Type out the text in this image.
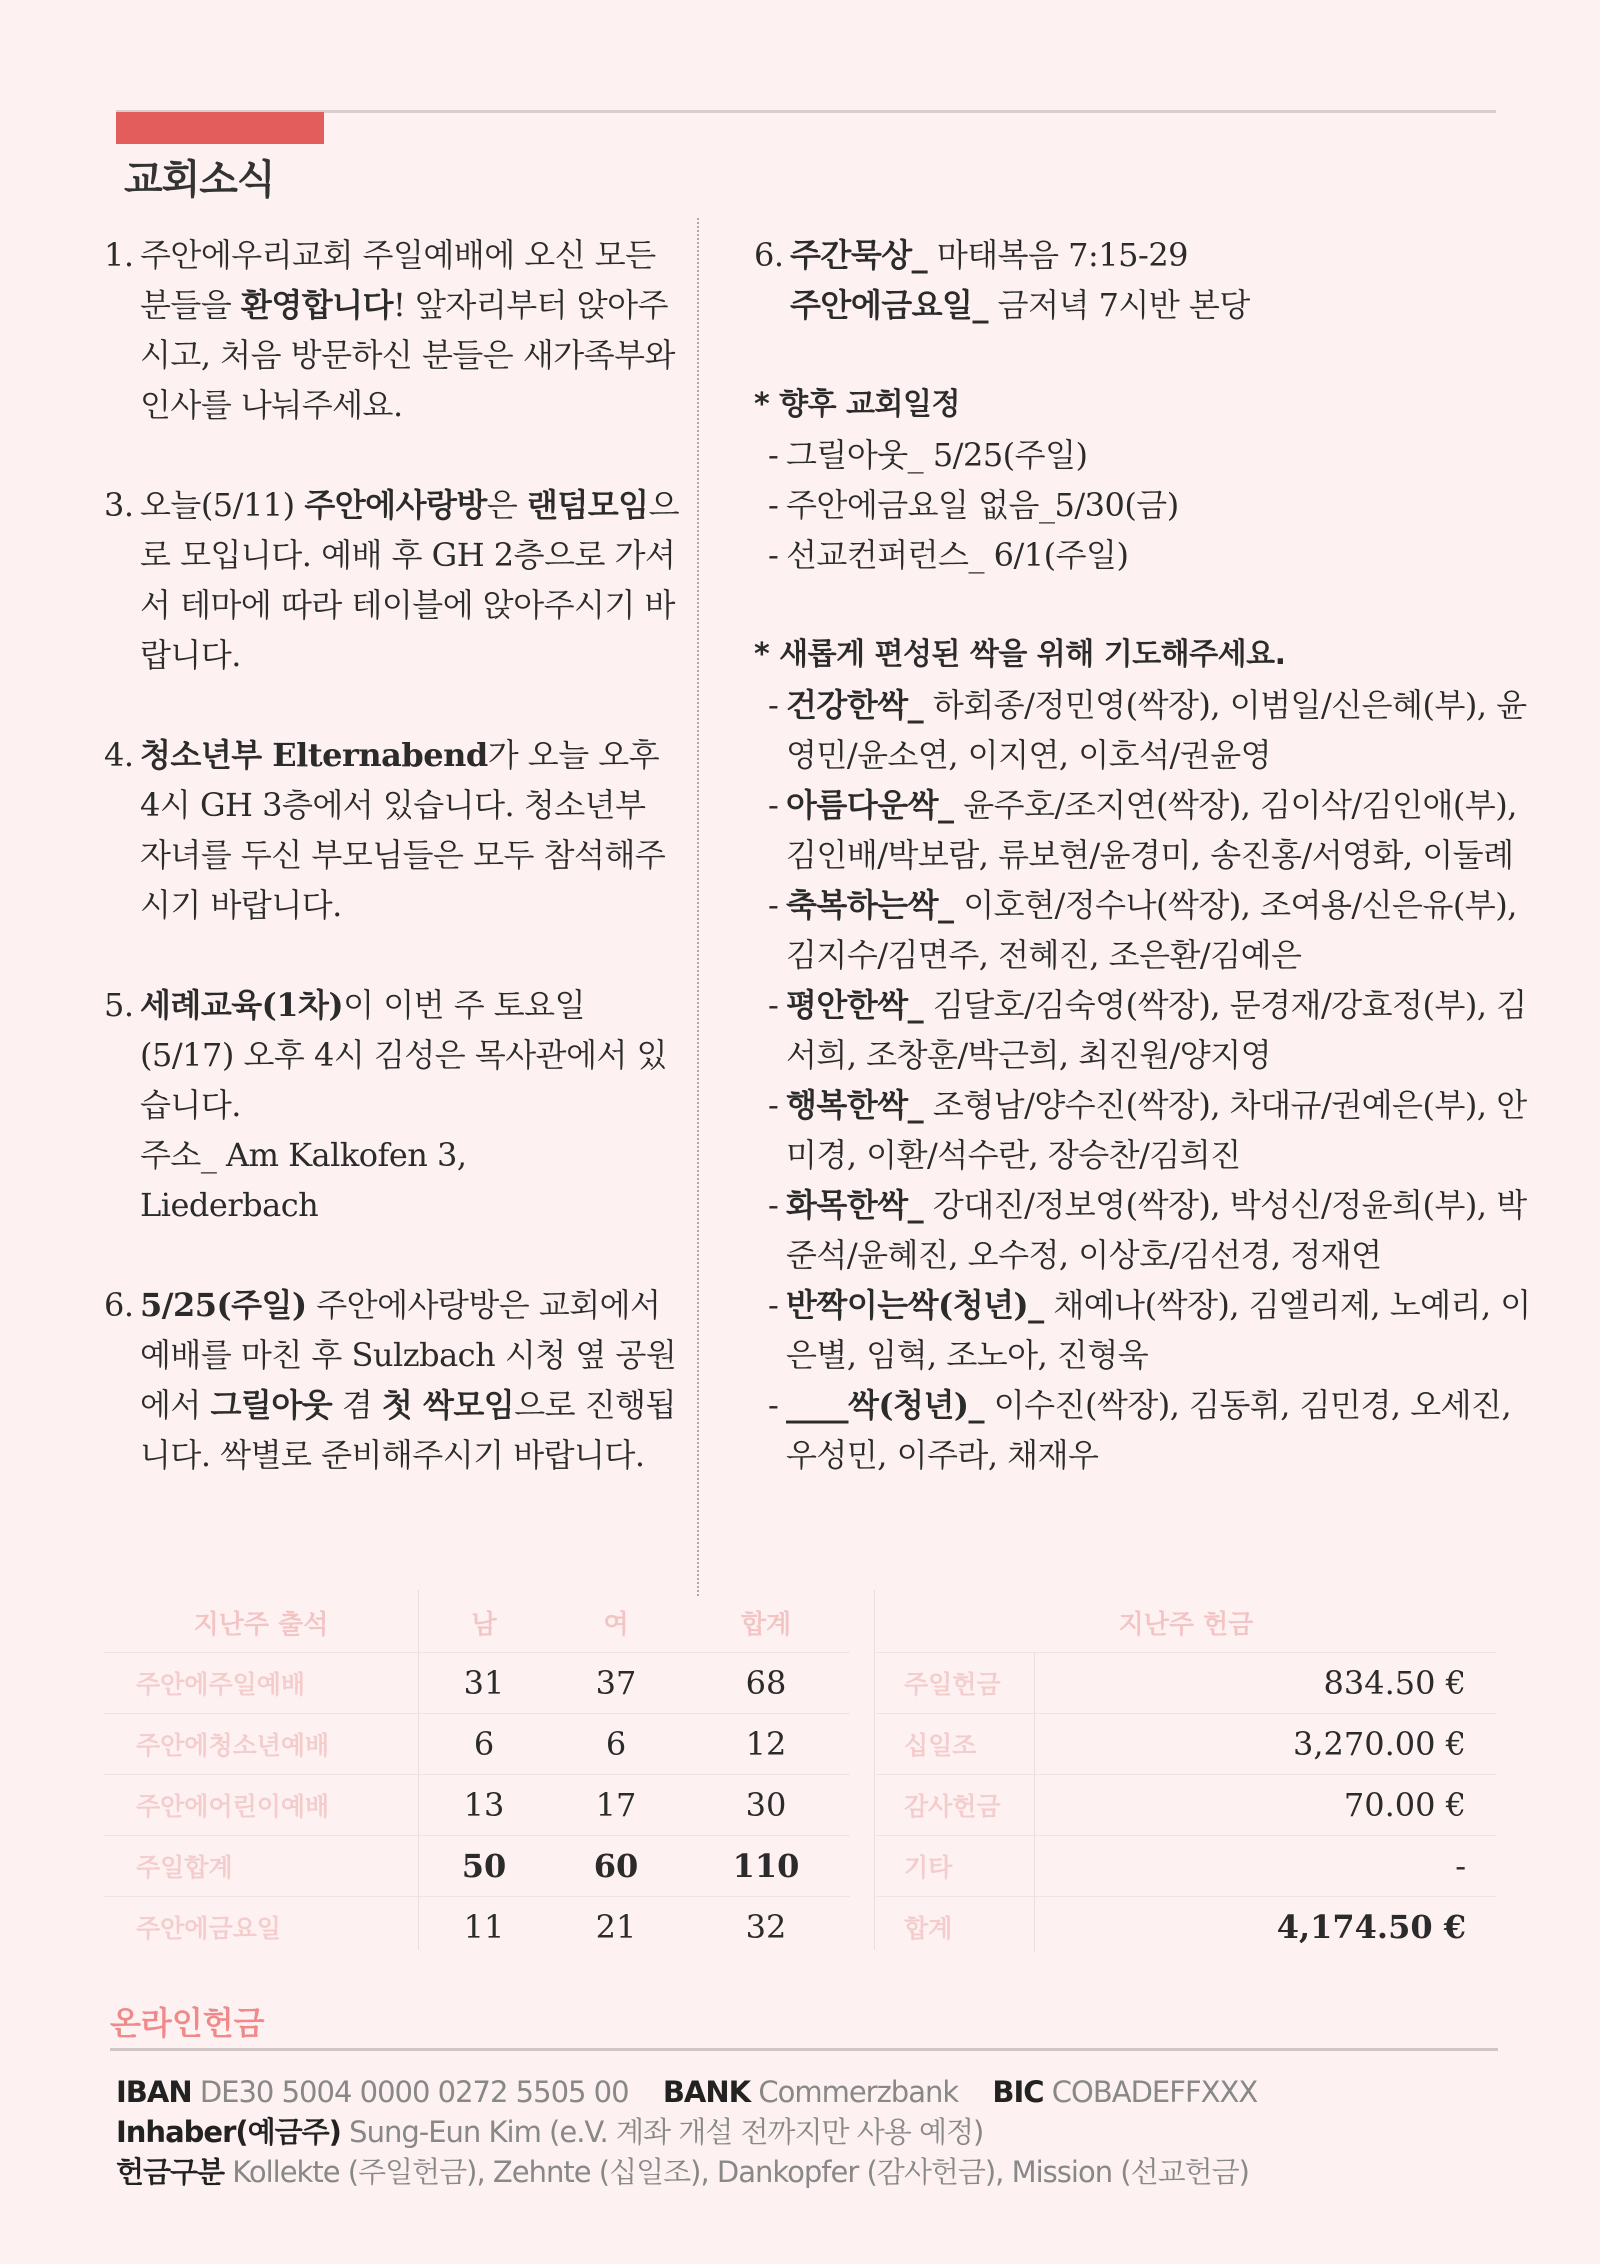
교회소식
1. 주안에우리교회 주일예배에 오신 모든 분들을 환영합니다! 앞자리부터 앉아주시고, 처음 방문하신 분들은 새가족부와 인사를 나눠주세요.
3. 오늘(5/11) 주안에사랑방은 랜덤모임으로 모입니다. 예배 후 GH 2층으로 가셔서 테마에 따라 테이블에 앉아주시기 바랍니다.
4. 청소년부 Elternabend가 오늘 오후 4시 GH 3층에서 있습니다. 청소년부 자녀를 두신 부모님들은 모두 참석해주시기 바랍니다.
5. 세례교육(1차)이 이번 주 토요일 (5/17) 오후 4시 김성은 목사관에서 있습니다.
주소_ Am Kalkofen 3,
Liederbach
6. 5/25(주일) 주안에사랑방은 교회에서 예배를 마친 후 Sulzbach 시청 옆 공원에서 그릴아웃 겸 첫 싹모임으로 진행됩니다. 싹별로 준비해주시기 바랍니다.
6. 주간묵상_ 마태복음 7:15-29
주안에금요일_ 금저녁 7시반 본당
* 향후 교회일정
- 그릴아웃_ 5/25(주일)
- 주안에금요일 없음_5/30(금)
- 선교컨퍼런스_ 6/1(주일)
* 새롭게 편성된 싹을 위해 기도해주세요.
- 건강한싹_ 하회종/정민영(싹장), 이범일/신은혜(부), 윤영민/윤소연, 이지연, 이호석/권윤영
- 아름다운싹_ 윤주호/조지연(싹장), 김이삭/김인애(부), 김인배/박보람, 류보현/윤경미, 송진홍/서영화, 이둘례
- 축복하는싹_ 이호현/정수나(싹장), 조여용/신은유(부), 김지수/김면주, 전혜진, 조은환/김예은
- 평안한싹_ 김달호/김숙영(싹장), 문경재/강효정(부), 김서희, 조창훈/박근희, 최진원/양지영
- 행복한싹_ 조형남/양수진(싹장), 차대규/권예은(부), 안미경, 이환/석수란, 장승찬/김희진
- 화목한싹_ 강대진/정보영(싹장), 박성신/정윤희(부), 박준석/윤혜진, 오수정, 이상호/김선경, 정재연
- 반짝이는싹(청년)_ 채예나(싹장), 김엘리제, 노예리, 이은별, 임혁, 조노아, 진형욱
- ____싹(청년)_ 이수진(싹장), 김동휘, 김민경, 오세진, 우성민, 이주라, 채재우
지난주 출석	남	여	합계
주안에주일예배	31	37	68
주안에청소년예배	6	6	12
주안에어린이예배	13	17	30
주일합계	50	60	110
주안에금요일	11	21	32
지난주 헌금	
주일헌금	834.50 €
십일조	3,270.00 €
감사헌금	70.00 €
기타	-
합계	4,174.50 €
온라인헌금
IBAN DE30 5004 0000 0272 5505 00 BANK Commerzbank BIC COBADEFFXXX
Inhaber(예금주) Sung-Eun Kim (e.V. 계좌 개설 전까지만 사용 예정)
헌금구분 Kollekte (주일헌금), Zehnte (십일조), Dankopfer (감사헌금), Mission (선교헌금)
